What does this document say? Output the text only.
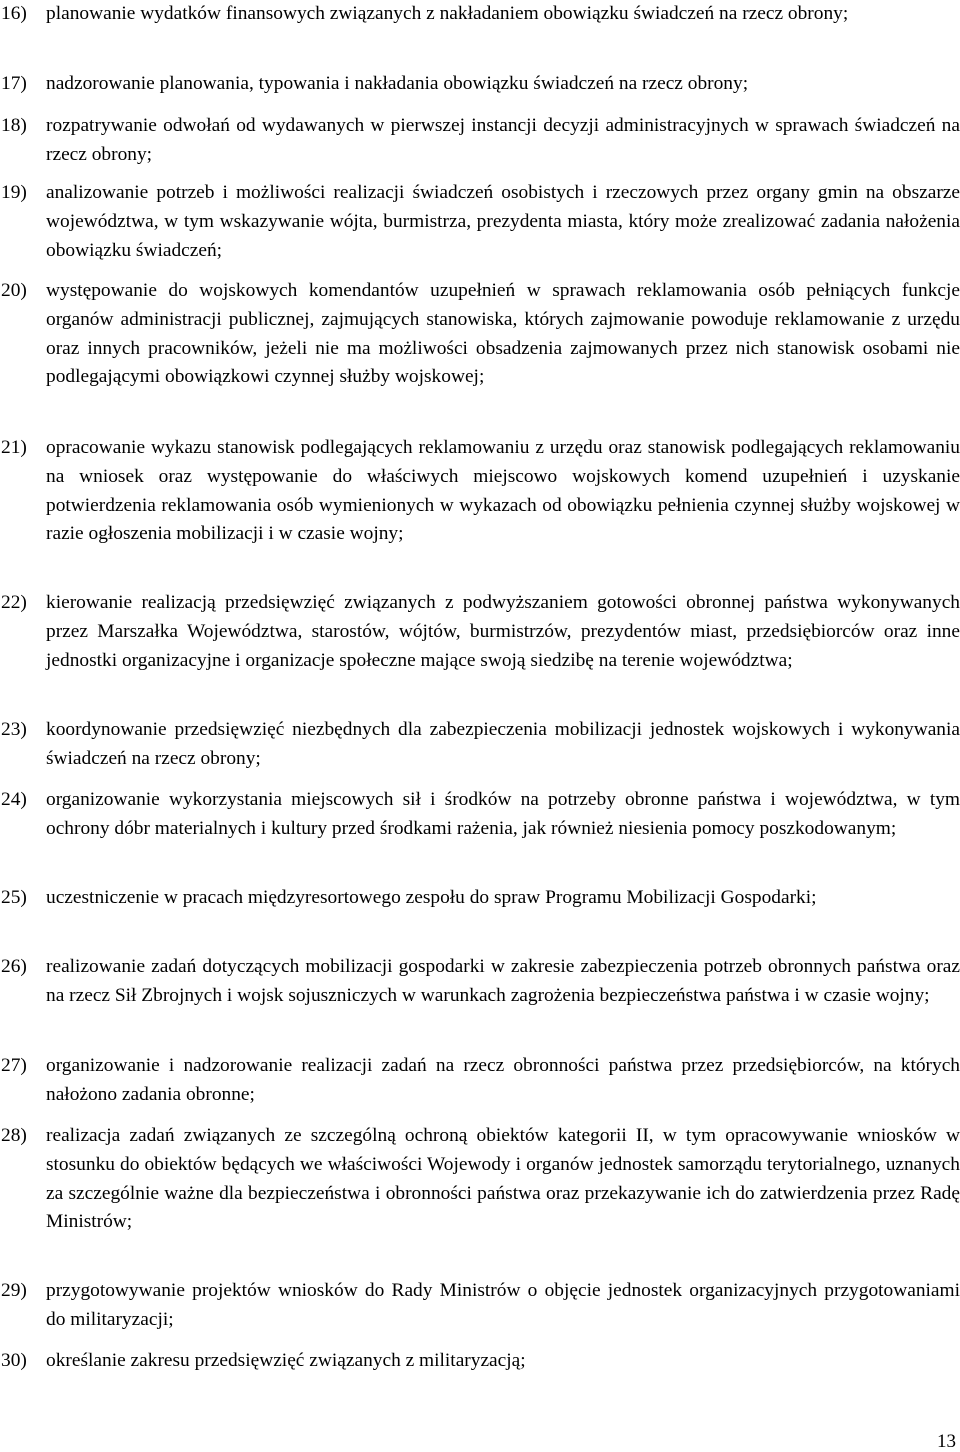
16) planowanie wydatków finansowych związanych z nakładaniem obowiązku świadczeń na rzecz obrony;
17) nadzorowanie planowania, typowania i nakładania obowiązku świadczeń na rzecz obrony;
18) rozpatrywanie odwołań od wydawanych w pierwszej instancji decyzji administracyjnych w sprawach świadczeń na rzecz obrony;
19) analizowanie potrzeb i możliwości realizacji świadczeń osobistych i rzeczowych przez organy gmin na obszarze województwa, w tym wskazywanie wójta, burmistrza, prezydenta miasta, który może zrealizować zadania nałożenia obowiązku świadczeń;
20) występowanie do wojskowych komendantów uzupełnień w sprawach reklamowania osób pełniących funkcje organów administracji publicznej, zajmujących stanowiska, których zajmowanie powoduje reklamowanie z urzędu oraz innych pracowników, jeżeli nie ma możliwości obsadzenia zajmowanych przez nich stanowisk osobami nie podlegającymi obowiązkowi czynnej służby wojskowej;
21) opracowanie wykazu stanowisk podlegających reklamowaniu z urzędu oraz stanowisk podlegających reklamowaniu na wniosek oraz występowanie do właściwych miejscowo wojskowych komend uzupełnień i uzyskanie potwierdzenia reklamowania osób wymienionych w wykazach od obowiązku pełnienia czynnej służby wojskowej w razie ogłoszenia mobilizacji i w czasie wojny;
22) kierowanie realizacją przedsięwzięć związanych z podwyższaniem gotowości obronnej państwa wykonywanych przez Marszałka Województwa, starostów, wójtów, burmistrzów, prezydentów miast, przedsiębiorców oraz inne jednostki organizacyjne i organizacje społeczne mające swoją siedzibę na terenie województwa;
23) koordynowanie przedsięwzięć niezbędnych dla zabezpieczenia mobilizacji jednostek wojskowych i wykonywania świadczeń na rzecz obrony;
24) organizowanie wykorzystania miejscowych sił i środków na potrzeby obronne państwa i województwa, w tym ochrony dóbr materialnych i kultury przed środkami rażenia, jak również niesienia pomocy poszkodowanym;
25) uczestniczenie w pracach międzyresortowego zespołu do spraw Programu Mobilizacji Gospodarki;
26) realizowanie zadań dotyczących mobilizacji gospodarki w zakresie zabezpieczenia potrzeb obronnych państwa oraz na rzecz Sił Zbrojnych i wojsk sojuszniczych w warunkach zagrożenia bezpieczeństwa państwa i w czasie wojny;
27) organizowanie i nadzorowanie realizacji zadań na rzecz obronności państwa przez przedsiębiorców, na których nałożono zadania obronne;
28) realizacja zadań związanych ze szczególną ochroną obiektów kategorii II, w tym opracowywanie wniosków w stosunku do obiektów będących we właściwości Wojewody i organów jednostek samorządu terytorialnego, uznanych za szczególnie ważne dla bezpieczeństwa i obronności państwa oraz przekazywanie ich do zatwierdzenia przez Radę Ministrów;
29) przygotowywanie projektów wniosków do Rady Ministrów o objęcie jednostek organizacyjnych przygotowaniami do militaryzacji;
30) określanie zakresu przedsięwzięć związanych z militaryzacją;
13
